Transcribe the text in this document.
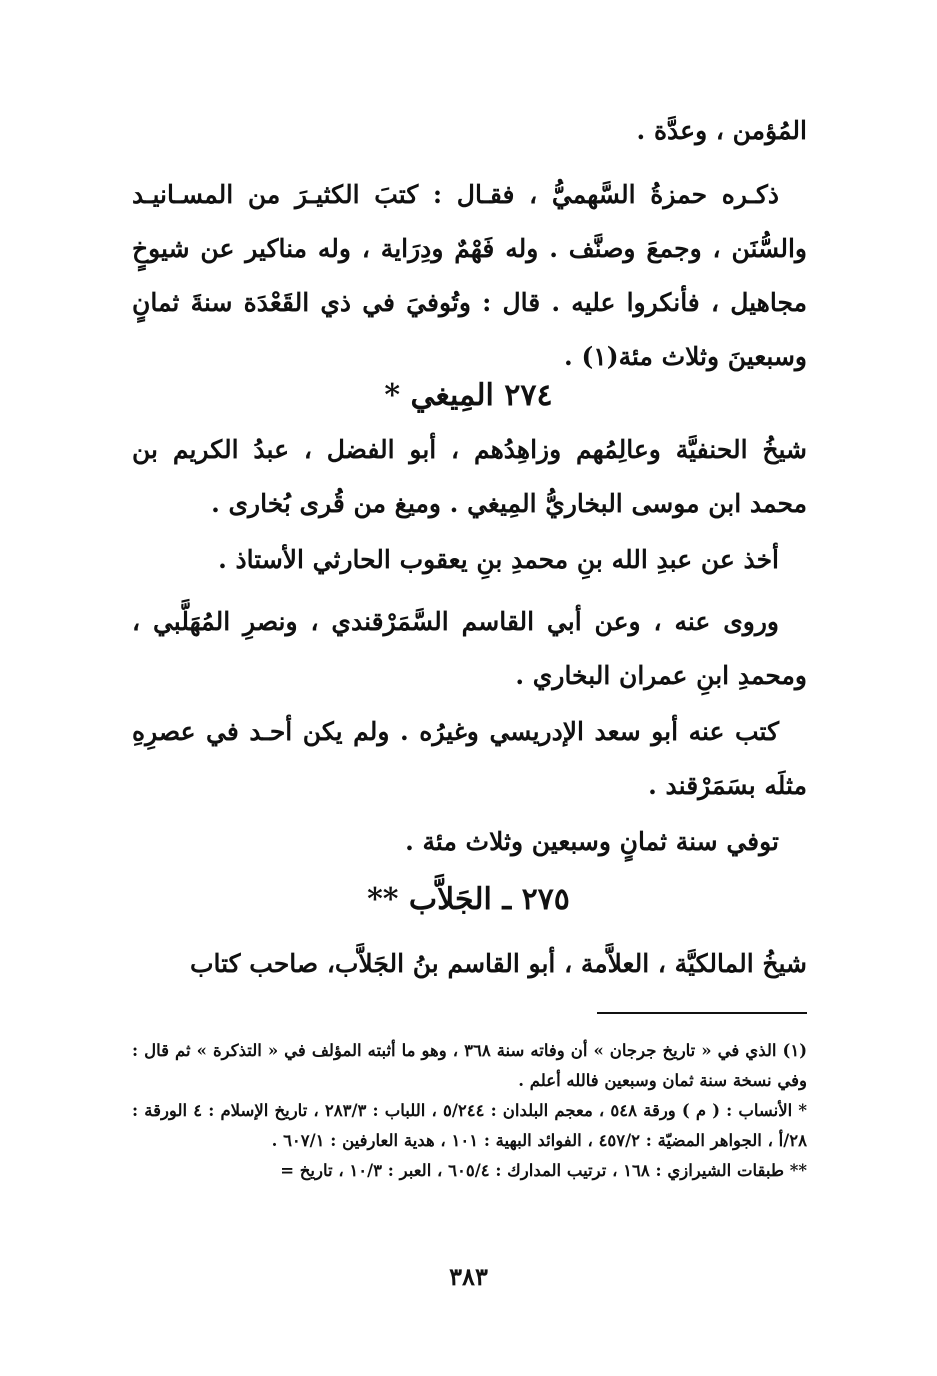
المُؤمن ، وعدَّة .
ذكـره حمزةُ السَّهميُّ ، فقـال : كتبَ الكثيـرَ من المسـانيـد والسُّنَن ، وجمعَ وصنَّف . وله فَهْمٌ ودِرَاية ، وله مناكير عن شيوخٍ مجاهيل ، فأنكروا عليه . قال : وتُوفيَ في ذي القَعْدَة سنةَ ثمانٍ وسبعينَ وثلاث مئة(١) .
٢٧٤ المِيغي *
شيخُ الحنفيَّة وعالِمُهم وزاهِدُهم ، أبو الفضل ، عبدُ الكريم بن محمد ابن موسى البخاريُّ المِيغي . وميغ من قُرى بُخارى .
أخذ عن عبدِ الله بنِ محمدِ بنِ يعقوب الحارثي الأستاذ .
وروى عنه ، وعن أبي القاسم السَّمَرْقندي ، ونصرِ المُهَلَّبي ، ومحمدِ ابنِ عمران البخاري .
كتب عنه أبو سعد الإدريسي وغيرُه . ولم يكن أحـد في عصرِهِ مثلَه بسَمَرْقند .
توفي سنة ثمانٍ وسبعين وثلاث مئة .
٢٧٥ ـ الجَلاَّب **
شيخُ المالكيَّة ، العلاَّمة ، أبو القاسم بنُ الجَلاَّب، صاحب كتاب

(١) الذي في « تاريخ جرجان » أن وفاته سنة ٣٦٨ ، وهو ما أثبته المؤلف في « التذكرة » ثم قال : وفي نسخة سنة ثمان وسبعين فالله أعلم .

* الأنساب : ( م ) ورقة ٥٤٨ ، معجم البلدان : ٥/٢٤٤ ، اللباب : ٢٨٣/٣ ، تاريخ الإسلام : ٤ الورقة : ٢٨/أ ، الجواهر المضيّة : ٤٥٧/٢ ، الفوائد البهية : ١٠١ ، هدية العارفين : ٦٠٧/١ .

** طبقات الشيرازي : ١٦٨ ، ترتيب المدارك : ٦٠٥/٤ ، العبر : ١٠/٣ ، تاريخ =

٣٨٣
